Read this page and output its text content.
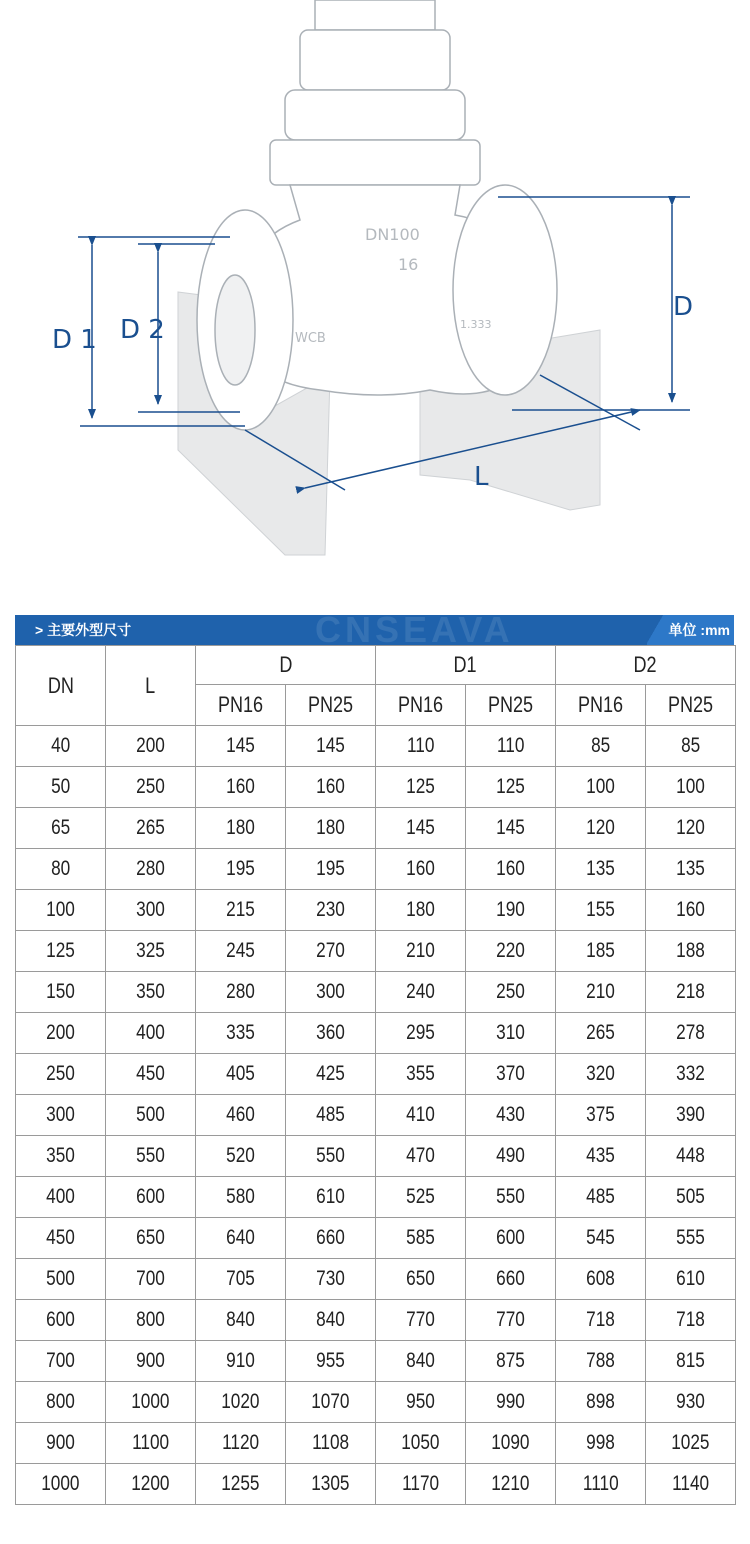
DN100
16
WCB
1.333
D 1 D 2
D
L
CNSEAVA
> 主要外型尺寸	单位 :mm
DN	L	D		D1		D2	
		PN16	PN25	PN16	PN25	PN16	PN25
40	200	145	145	110	110	85	85
50	250	160	160	125	125	100	100
65	265	180	180	145	145	120	120
80	280	195	195	160	160	135	135
100	300	215	230	180	190	155	160
125	325	245	270	210	220	185	188
150	350	280	300	240	250	210	218
200	400	335	360	295	310	265	278
250	450	405	425	355	370	320	332
300	500	460	485	410	430	375	390
350	550	520	550	470	490	435	448
400	600	580	610	525	550	485	505
450	650	640	660	585	600	545	555
500	700	705	730	650	660	608	610
600	800	840	840	770	770	718	718
700	900	910	955	840	875	788	815
800	1000	1020	1070	950	990	898	930
900	1100	1120	1108	1050	1090	998	1025
1000	1200	1255	1305	1170	1210	1110	1140
